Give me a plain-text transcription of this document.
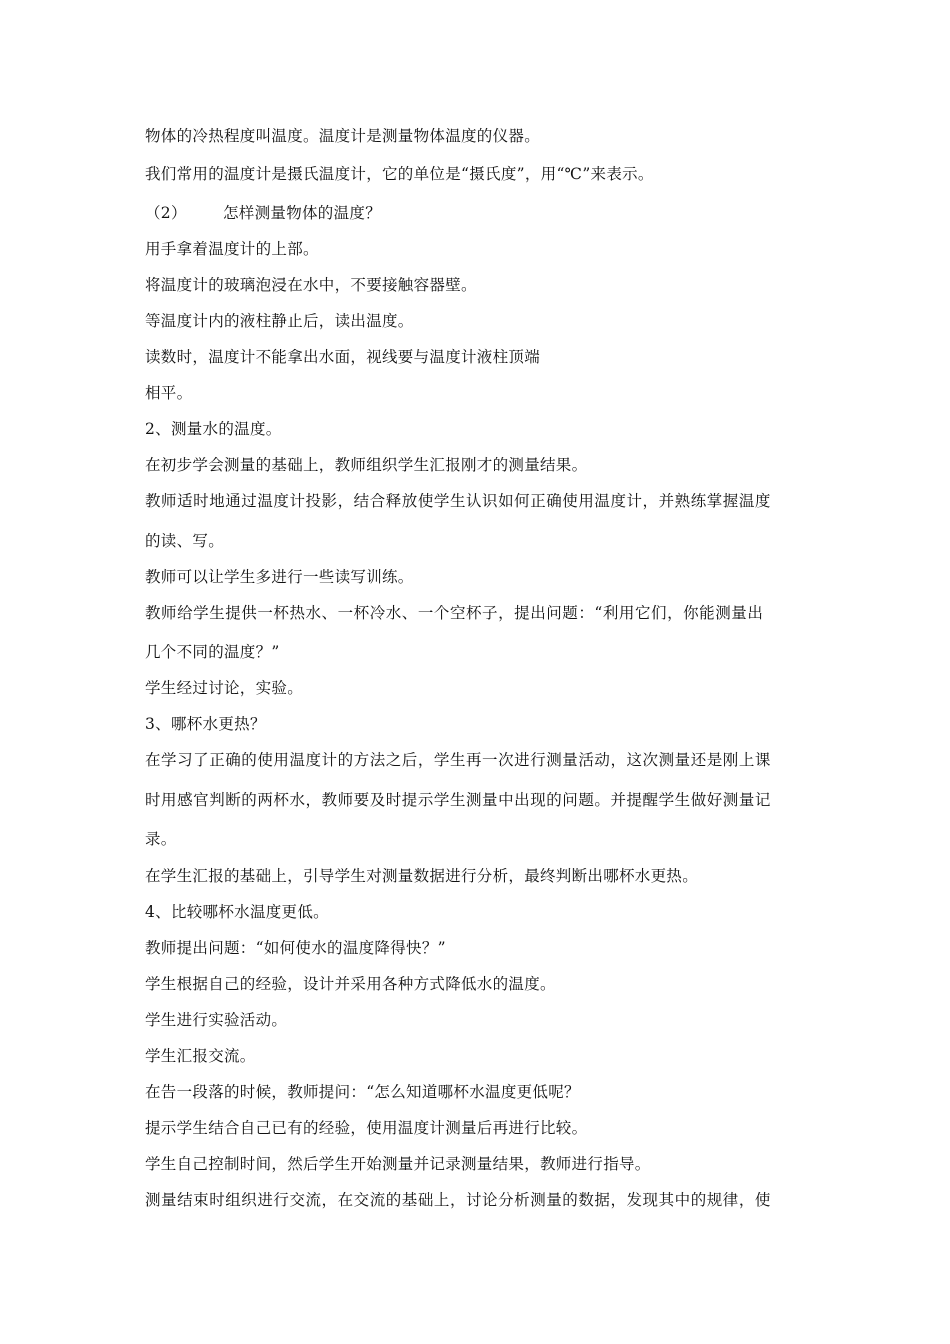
物体的冷热程度叫温度。温度计是测量物体温度的仪器。
我们常用的温度计是摄氏温度计，它的单位是“摄氏度”，用“℃”来表示。
（2） 怎样测量物体的温度？
用手拿着温度计的上部。
将温度计的玻璃泡浸在水中，不要接触容器壁。
等温度计内的液柱静止后，读出温度。
读数时，温度计不能拿出水面，视线要与温度计液柱顶端
相平。
2、测量水的温度。
在初步学会测量的基础上，教师组织学生汇报刚才的测量结果。
教师适时地通过温度计投影，结合释放使学生认识如何正确使用温度计，并熟练掌握温度
的读、写。
教师可以让学生多进行一些读写训练。
教师给学生提供一杯热水、一杯冷水、一个空杯子，提出问题：“利用它们，你能测量出
几个不同的温度？”
学生经过讨论，实验。
3、哪杯水更热？
在学习了正确的使用温度计的方法之后，学生再一次进行测量活动，这次测量还是刚上课
时用感官判断的两杯水，教师要及时提示学生测量中出现的问题。并提醒学生做好测量记
录。
在学生汇报的基础上，引导学生对测量数据进行分析，最终判断出哪杯水更热。
4、比较哪杯水温度更低。
教师提出问题：“如何使水的温度降得快？”
学生根据自己的经验，设计并采用各种方式降低水的温度。
学生进行实验活动。
学生汇报交流。
在告一段落的时候，教师提问：“怎么知道哪杯水温度更低呢？
提示学生结合自己已有的经验，使用温度计测量后再进行比较。
学生自己控制时间，然后学生开始测量并记录测量结果，教师进行指导。
测量结束时组织进行交流，在交流的基础上，讨论分析测量的数据，发现其中的规律，使
